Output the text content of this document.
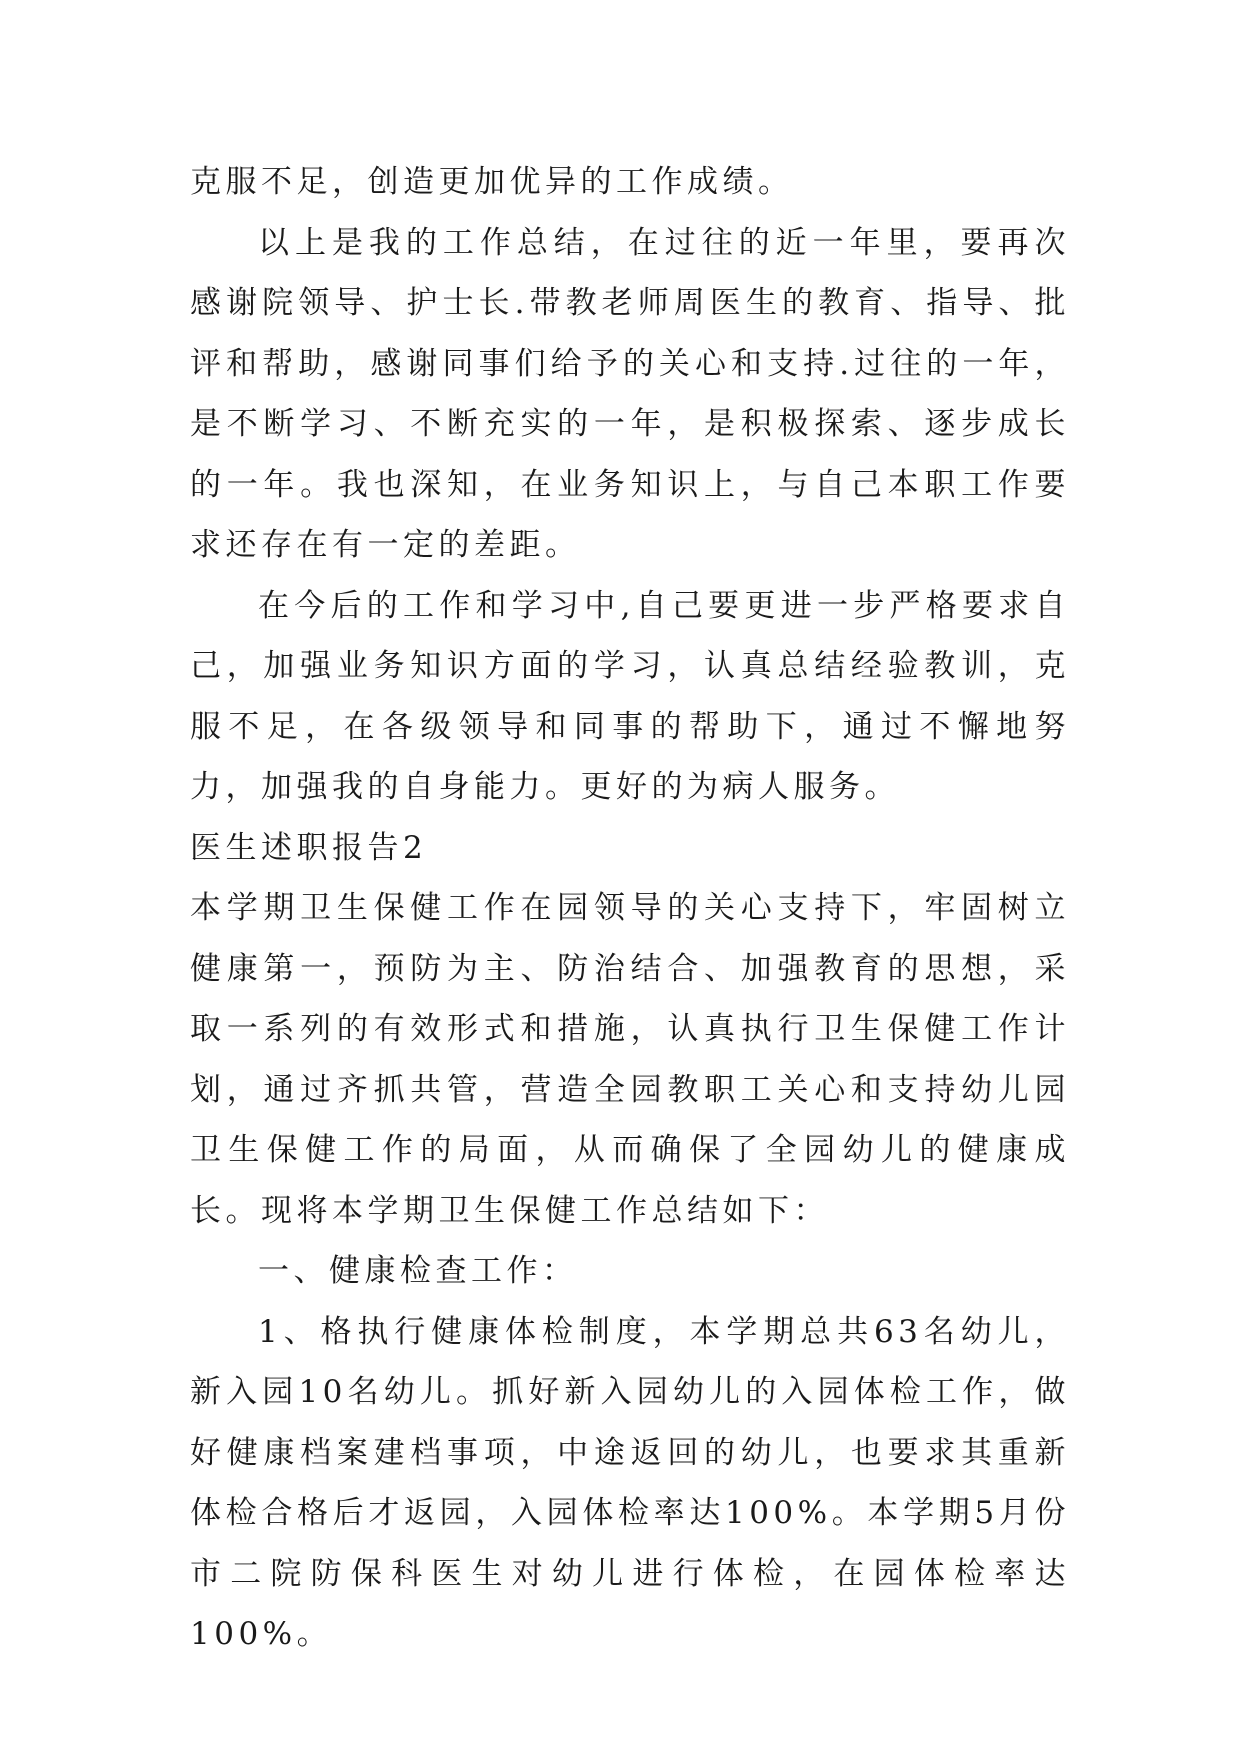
克服不足，创造更加优异的工作成绩。

以上是我的工作总结，在过往的近一年里，要再次感谢院领导、护士长.带教老师周医生的教育、指导、批评和帮助，感谢同事们给予的关心和支持.过往的一年，是不断学习、不断充实的一年，是积极探索、逐步成长的一年。我也深知，在业务知识上，与自己本职工作要求还存在有一定的差距。

在今后的工作和学习中,自己要更进一步严格要求自己，加强业务知识方面的学习，认真总结经验教训，克服不足，在各级领导和同事的帮助下，通过不懈地努力，加强我的自身能力。更好的为病人服务。

医生述职报告2

本学期卫生保健工作在园领导的关心支持下，牢固树立健康第一，预防为主、防治结合、加强教育的思想，采取一系列的有效形式和措施，认真执行卫生保健工作计划，通过齐抓共管，营造全园教职工关心和支持幼儿园卫生保健工作的局面，从而确保了全园幼儿的健康成长。现将本学期卫生保健工作总结如下：

一、健康检查工作：

1、格执行健康体检制度，本学期总共63名幼儿，新入园10名幼儿。抓好新入园幼儿的入园体检工作，做好健康档案建档事项，中途返回的幼儿，也要求其重新体检合格后才返园，入园体检率达100%。本学期5月份市二院防保科医生对幼儿进行体检，在园体检率达100%。
